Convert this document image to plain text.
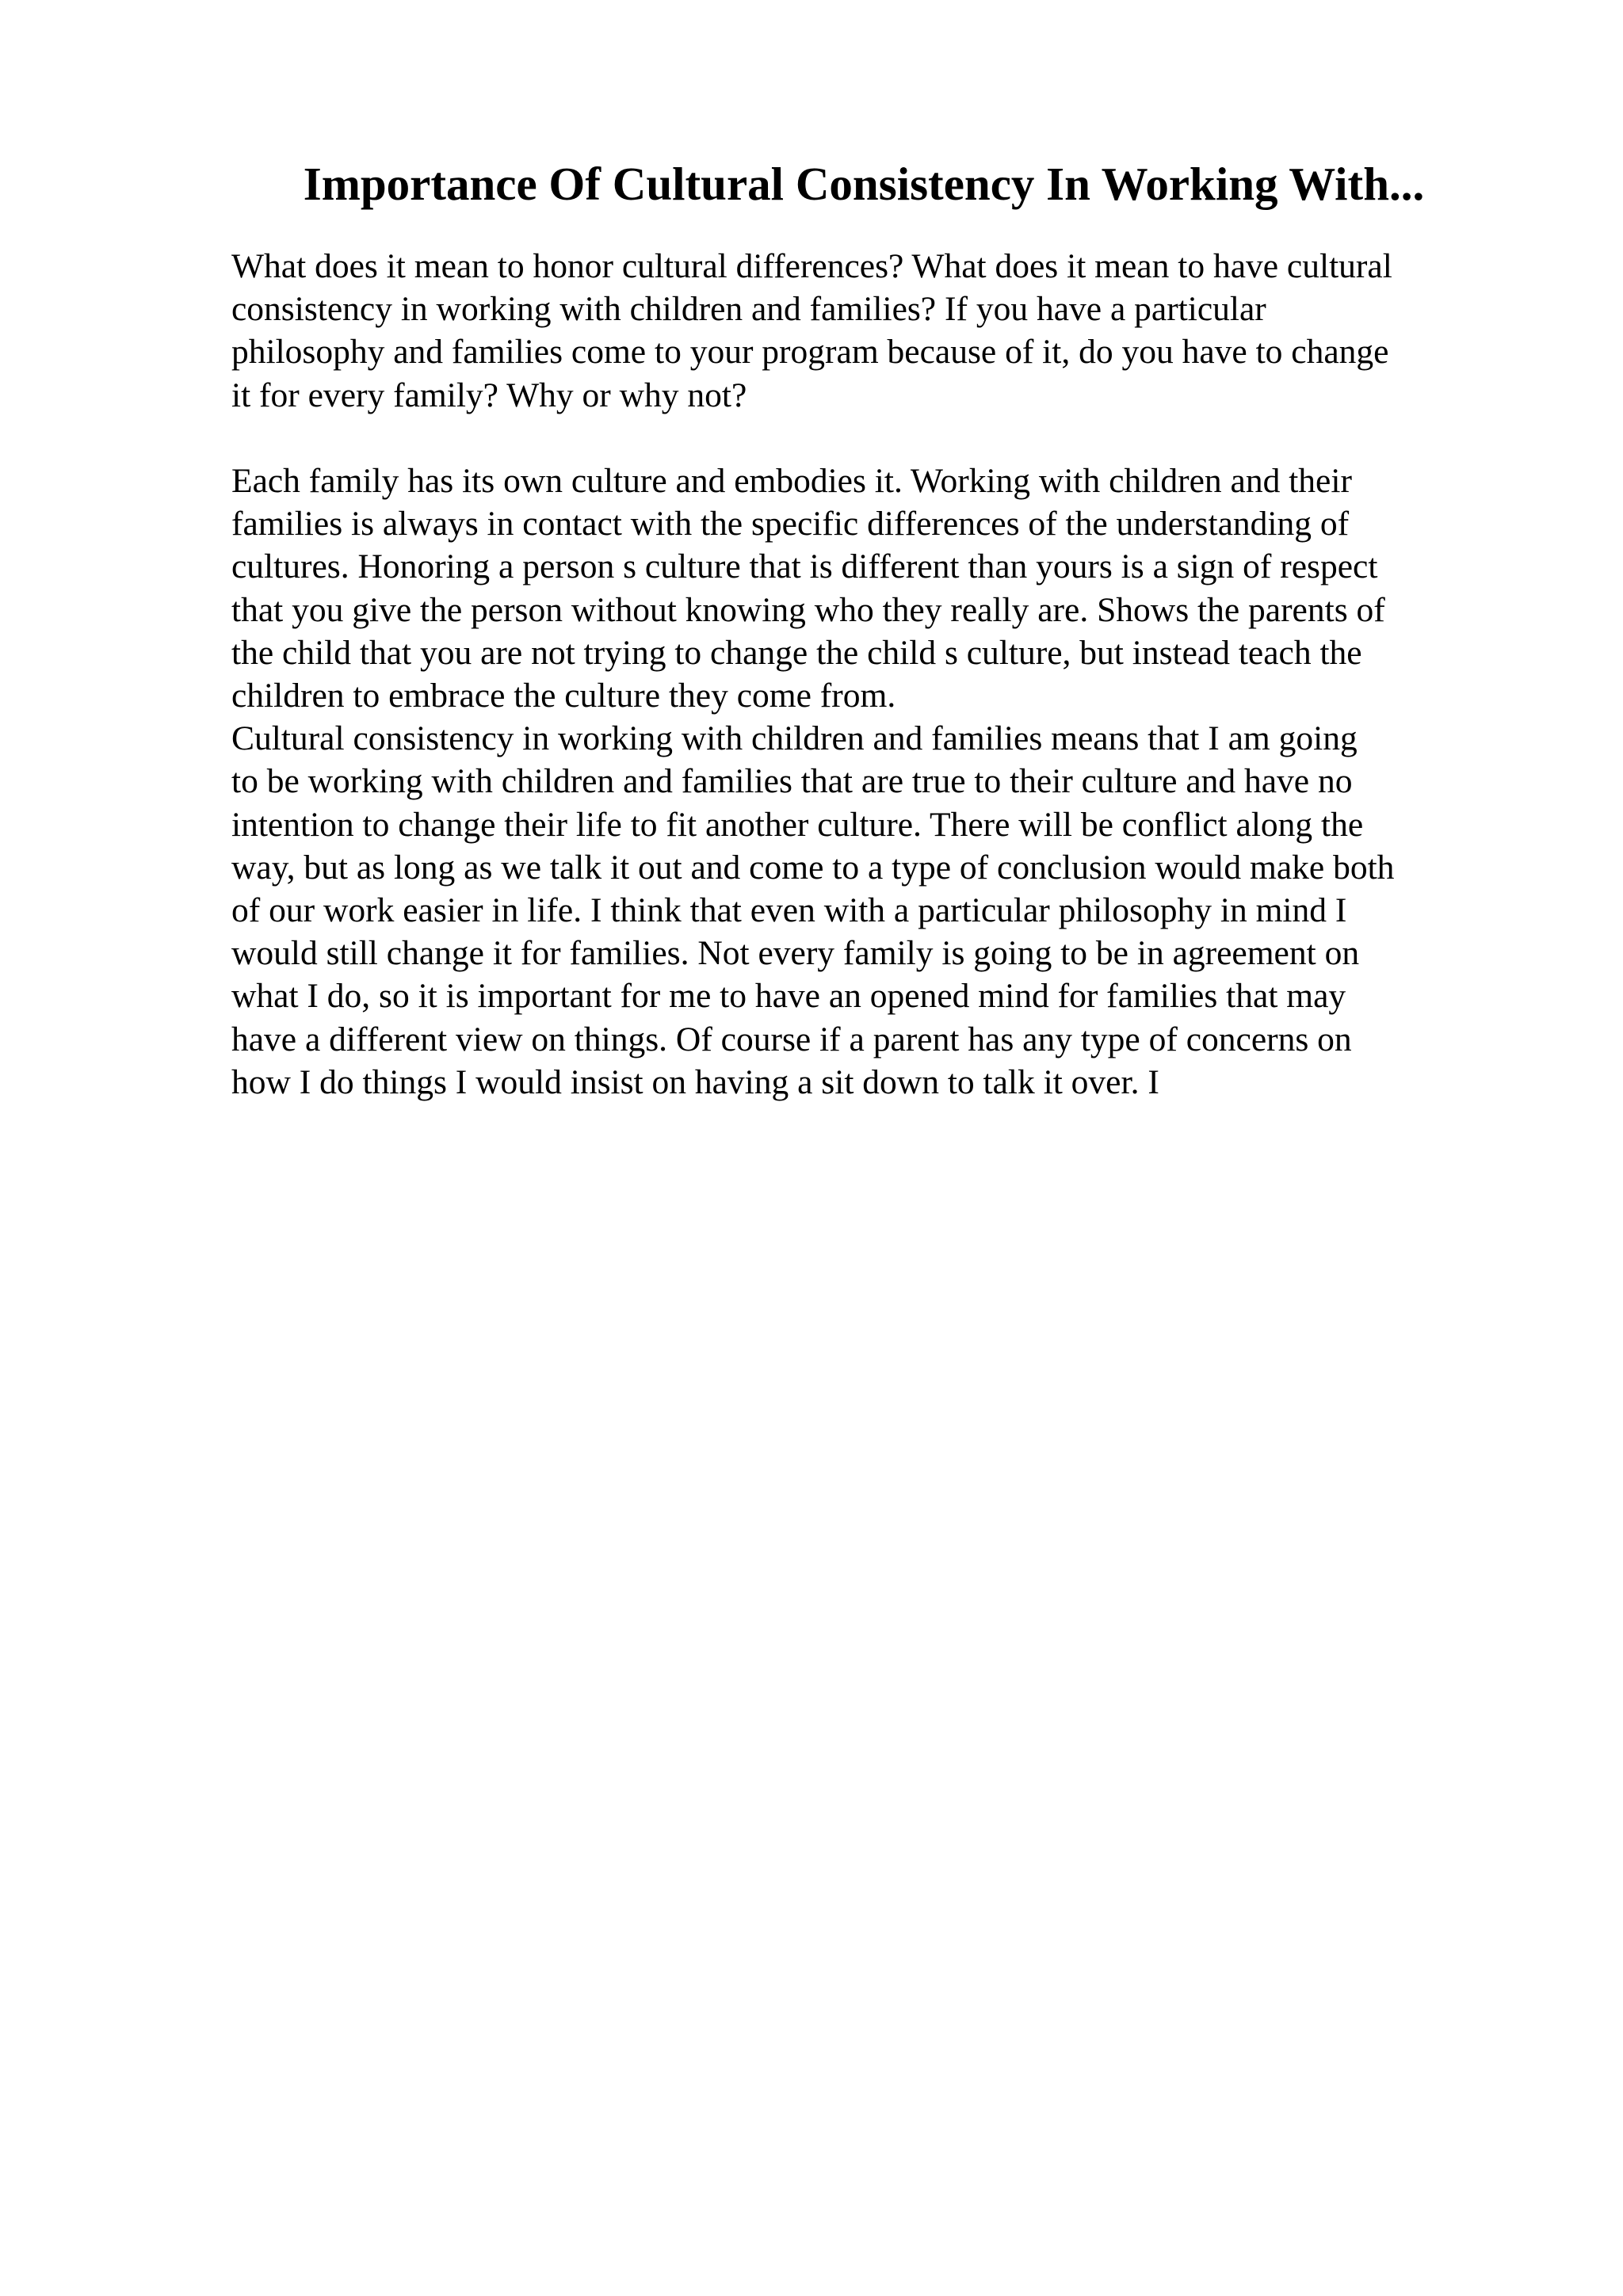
Importance Of Cultural Consistency In Working With...
What does it mean to honor cultural differences? What does it mean to have cultural
consistency in working with children and families? If you have a particular
philosophy and families come to your program because of it, do you have to change
it for every family? Why or why not?
Each family has its own culture and embodies it. Working with children and their
families is always in contact with the specific differences of the understanding of
cultures. Honoring a person s culture that is different than yours is a sign of respect
that you give the person without knowing who they really are. Shows the parents of
the child that you are not trying to change the child s culture, but instead teach the
children to embrace the culture they come from.
Cultural consistency in working with children and families means that I am going
to be working with children and families that are true to their culture and have no
intention to change their life to fit another culture. There will be conflict along the
way, but as long as we talk it out and come to a type of conclusion would make both
of our work easier in life. I think that even with a particular philosophy in mind I
would still change it for families. Not every family is going to be in agreement on
what I do, so it is important for me to have an opened mind for families that may
have a different view on things. Of course if a parent has any type of concerns on
how I do things I would insist on having a sit down to talk it over. I
